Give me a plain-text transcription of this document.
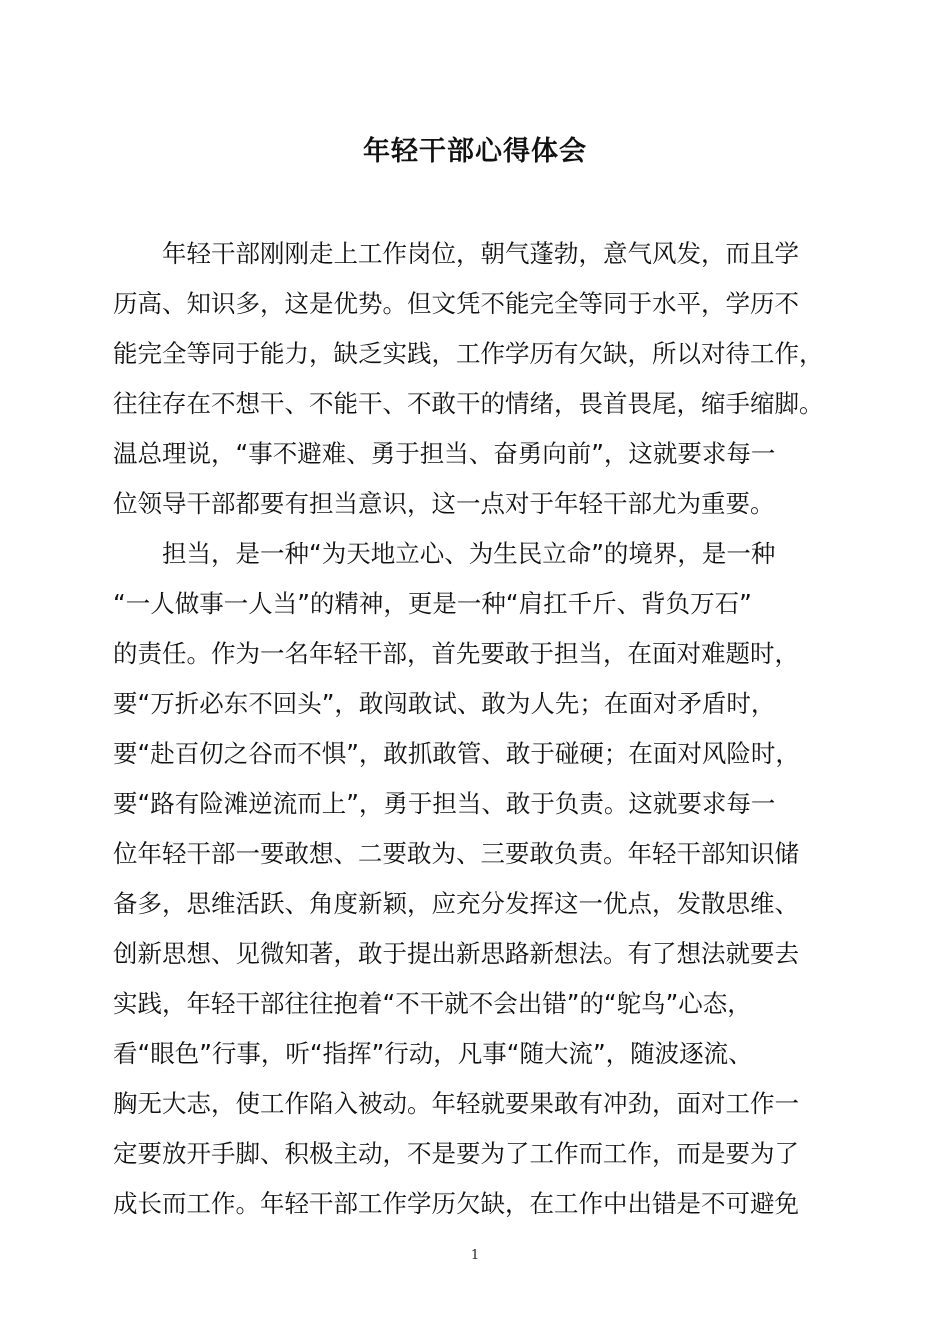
年轻干部心得体会
年轻干部刚刚走上工作岗位，朝气蓬勃，意气风发，而且学
历高、知识多，这是优势。但文凭不能完全等同于水平，学历不
能完全等同于能力，缺乏实践，工作学历有欠缺，所以对待工作，
往往存在不想干、不能干、不敢干的情绪，畏首畏尾，缩手缩脚。
温总理说，“事不避难、勇于担当、奋勇向前”，这就要求每一
位领导干部都要有担当意识，这一点对于年轻干部尤为重要。
担当，是一种“为天地立心、为生民立命”的境界，是一种
“一人做事一人当”的精神，更是一种“肩扛千斤、背负万石”
的责任。作为一名年轻干部，首先要敢于担当，在面对难题时，
要“万折必东不回头”，敢闯敢试、敢为人先；在面对矛盾时，
要“赴百仞之谷而不惧”，敢抓敢管、敢于碰硬；在面对风险时，
要“路有险滩逆流而上”，勇于担当、敢于负责。这就要求每一
位年轻干部一要敢想、二要敢为、三要敢负责。年轻干部知识储
备多，思维活跃、角度新颖，应充分发挥这一优点，发散思维、
创新思想、见微知著，敢于提出新思路新想法。有了想法就要去
实践，年轻干部往往抱着“不干就不会出错”的“鸵鸟”心态，
看“眼色”行事，听“指挥”行动，凡事“随大流”，随波逐流、
胸无大志，使工作陷入被动。年轻就要果敢有冲劲，面对工作一
定要放开手脚、积极主动，不是要为了工作而工作，而是要为了
成长而工作。年轻干部工作学历欠缺，在工作中出错是不可避免
1
